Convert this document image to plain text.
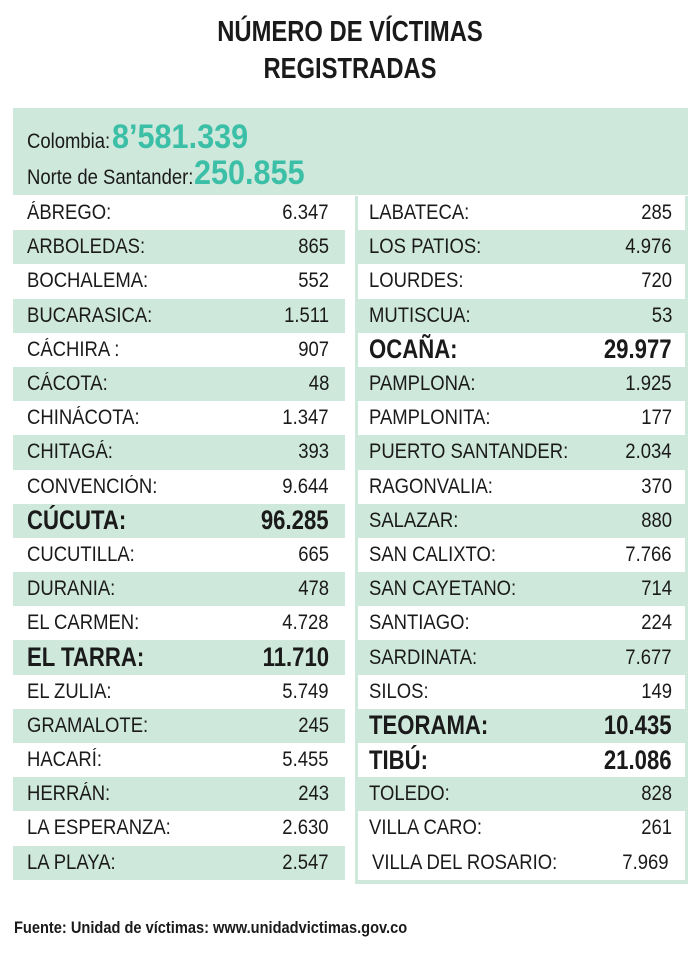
NÚMERO DE VÍCTIMAS
REGISTRADAS
Colombia: 8’581.339
Norte de Santander: 250.855
ÁBREGO:	6.347
ARBOLEDAS:	865
BOCHALEMA:	552
BUCARASICA:	1.511
CÁCHIRA :	907
CÁCOTA:	48
CHINÁCOTA:	1.347
CHITAGÁ:	393
CONVENCIÓN:	9.644
CÚCUTA:	96.285
CUCUTILLA:	665
DURANIA:	478
EL CARMEN:	4.728
EL TARRA:	11.710
EL ZULIA:	5.749
GRAMALOTE:	245
HACARÍ:	5.455
HERRÁN:	243
LA ESPERANZA:	2.630
LA PLAYA:	2.547
LABATECA:	285
LOS PATIOS:	4.976
LOURDES:	720
MUTISCUA:	53
OCAÑA:	29.977
PAMPLONA:	1.925
PAMPLONITA:	177
PUERTO SANTANDER:	2.034
RAGONVALIA:	370
SALAZAR:	880
SAN CALIXTO:	7.766
SAN CAYETANO:	714
SANTIAGO:	224
SARDINATA:	7.677
SILOS:	149
TEORAMA:	10.435
TIBÚ:	21.086
TOLEDO:	828
VILLA CARO:	261
VILLA DEL ROSARIO:	7.969
Fuente: Unidad de víctimas: www.unidadvictimas.gov.co
